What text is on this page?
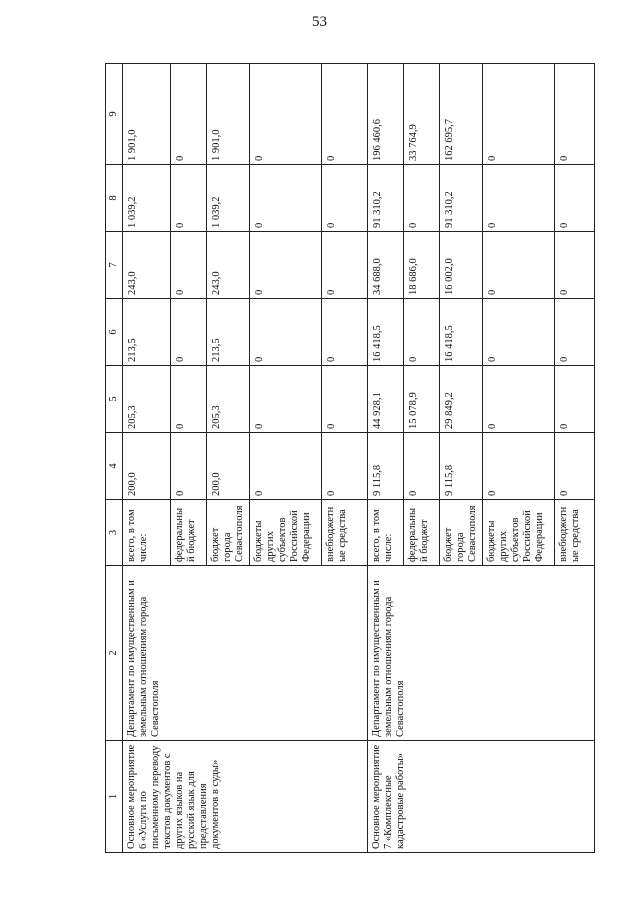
53
1	2	3	4	5	6	7	8	9
Основное мероприятие 6 «Услуги по письменному переводу текстов документов с других языков на русский язык для представления документов в суды»	Департамент по имущественным и земельным отношениям города Севастополя	всего, в том числе:	200,0	205,3	213,5	243,0	1 039,2	1 901,0
		федеральный бюджет	0	0	0	0	0	0
		бюджет города Севастополя	200,0	205,3	213,5	243,0	1 039,2	1 901,0
		бюджеты других субъектов Российской Федерации	0	0	0	0	0	0
		внебюджетные средства	0	0	0	0	0	0
Основное мероприятие 7 «Комплексные кадастровые работы»	Департамент по имущественным и земельным отношениям города Севастополя	всего, в том числе:	9 115,8	44 928,1	16 418,5	34 688,0	91 310,2	196 460,6
		федеральный бюджет	0	15 078,9	0	18 686,0	0	33 764,9
		бюджет города Севастополя	9 115,8	29 849,2	16 418,5	16 002,0	91 310,2	162 695,7
		бюджеты других субъектов Российской Федерации	0	0	0	0	0	0
		внебюджетные средства	0	0	0	0	0	0
